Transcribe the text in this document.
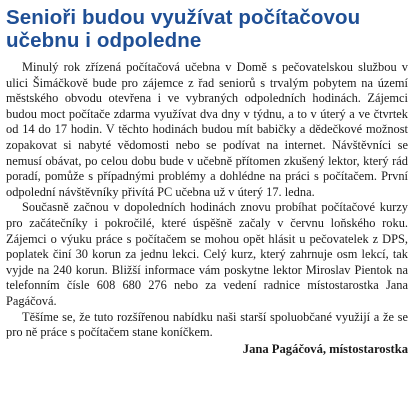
Senioři budou využívat počítačovou učebnu i odpoledne

Minulý rok zřízená počítačová učebna v Domě s pečovatelskou službou v ulici Šimáčkově bude pro zájemce z řad seniorů s trvalým pobytem na území městského obvodu otevřena i ve vybraných odpoledních hodinách. Zájemci budou moct počítače zdarma využívat dva dny v týdnu, a to v úterý a ve čtvrtek od 14 do 17 hodin. V těchto hodinách budou mít babičky a dědečkové možnost zopakovat si nabyté vědomosti nebo se podívat na internet. Návštěvníci se nemusí obávat, po celou dobu bude v učebně přítomen zkušený lektor, který rád poradí, pomůže s případnými problémy a dohlédne na práci s počítačem. První odpolední návštěvníky přivítá PC učebna už v úterý 17. ledna.

Současně začnou v dopoledních hodinách znovu probíhat počítačové kurzy pro začátečníky i pokročilé, které úspěšně začaly v červnu loňského roku. Zájemci o výuku práce s počítačem se mohou opět hlásit u pečovatelek z DPS, poplatek činí 30 korun za jednu lekci. Celý kurz, který zahrnuje osm lekcí, tak vyjde na 240 korun. Bližší informace vám poskytne lektor Miroslav Pientok na telefonním čísle 608 680 276 nebo za vedení radnice místostarostka Jana Pagáčová.

Těšíme se, že tuto rozšířenou nabídku naši starší spoluobčané využijí a že se pro ně práce s počítačem stane koníčkem.

Jana Pagáčová, místostarostka
